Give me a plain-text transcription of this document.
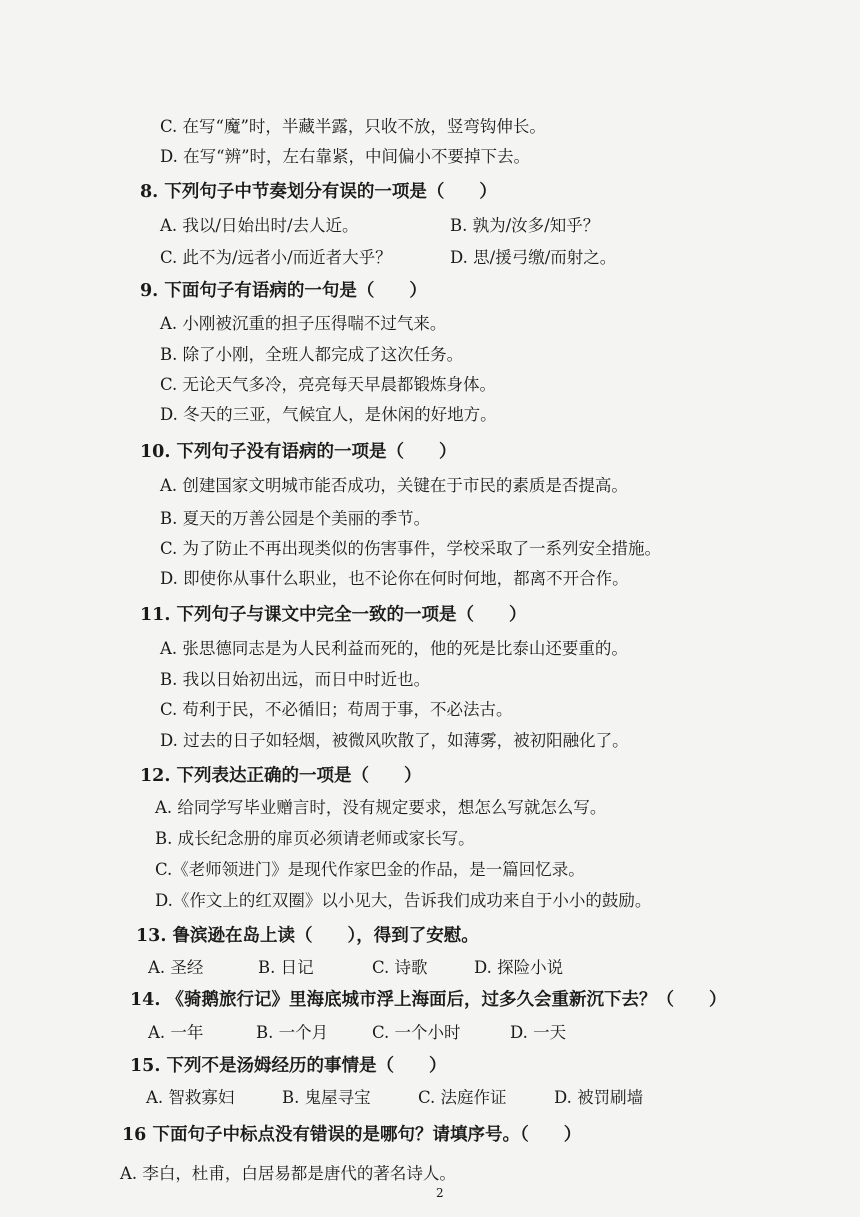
C. 在写“魔”时，半藏半露，只收不放，竖弯钩伸长。
D. 在写“辨”时，左右靠紧，中间偏小不要掉下去。
8. 下列句子中节奏划分有误的一项是（　　）
A. 我以/日始出时/去人近。	B. 孰为/汝多/知乎？
C. 此不为/远者小/而近者大乎？	D. 思/援弓缴/而射之。
9. 下面句子有语病的一句是（　　）
A. 小刚被沉重的担子压得喘不过气来。
B. 除了小刚，全班人都完成了这次任务。
C. 无论天气多冷，亮亮每天早晨都锻炼身体。
D. 冬天的三亚，气候宜人，是休闲的好地方。
10. 下列句子没有语病的一项是（　　）
A. 创建国家文明城市能否成功，关键在于市民的素质是否提高。
B. 夏天的万善公园是个美丽的季节。
C. 为了防止不再出现类似的伤害事件，学校采取了一系列安全措施。
D. 即使你从事什么职业，也不论你在何时何地，都离不开合作。
11. 下列句子与课文中完全一致的一项是（　　）
A. 张思德同志是为人民利益而死的，他的死是比泰山还要重的。
B. 我以日始初出远，而日中时近也。
C. 苟利于民，不必循旧；苟周于事，不必法古。
D. 过去的日子如轻烟，被微风吹散了，如薄雾，被初阳融化了。
12. 下列表达正确的一项是（　　）
A. 给同学写毕业赠言时，没有规定要求，想怎么写就怎么写。
B. 成长纪念册的扉页必须请老师或家长写。
C.《老师领进门》是现代作家巴金的作品，是一篇回忆录。
D.《作文上的红双圈》以小见大，告诉我们成功来自于小小的鼓励。
13. 鲁滨逊在岛上读（　　），得到了安慰。
A. 圣经	B. 日记	C. 诗歌	D. 探险小说
14. 《骑鹅旅行记》里海底城市浮上海面后，过多久会重新沉下去？（　　）
A. 一年	B. 一个月	C. 一个小时	D. 一天
15. 下列不是汤姆经历的事情是（　　）
A. 智救寡妇	B. 鬼屋寻宝	C. 法庭作证	D. 被罚刷墙
16 下面句子中标点没有错误的是哪句？请填序号。（　　）
A. 李白，杜甫，白居易都是唐代的著名诗人。
2
